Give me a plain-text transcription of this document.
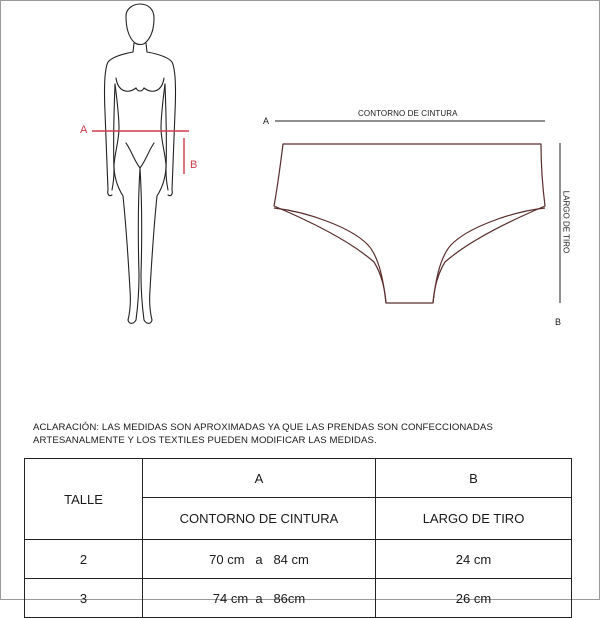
A
B
A
CONTORNO DE CINTURA
LARGO DE TIRO
B
ACLARACIÓN: LAS MEDIDAS SON APROXIMADAS YA QUE LAS PRENDAS SON CONFECCIONADAS
ARTESANALMENTE Y LOS TEXTILES PUEDEN MODIFICAR LAS MEDIDAS.
TALLE	A	B
	CONTORNO DE CINTURA	LARGO DE TIRO
2	70 cm   a   84 cm	24 cm
3	74 cm  a   86cm	26 cm
